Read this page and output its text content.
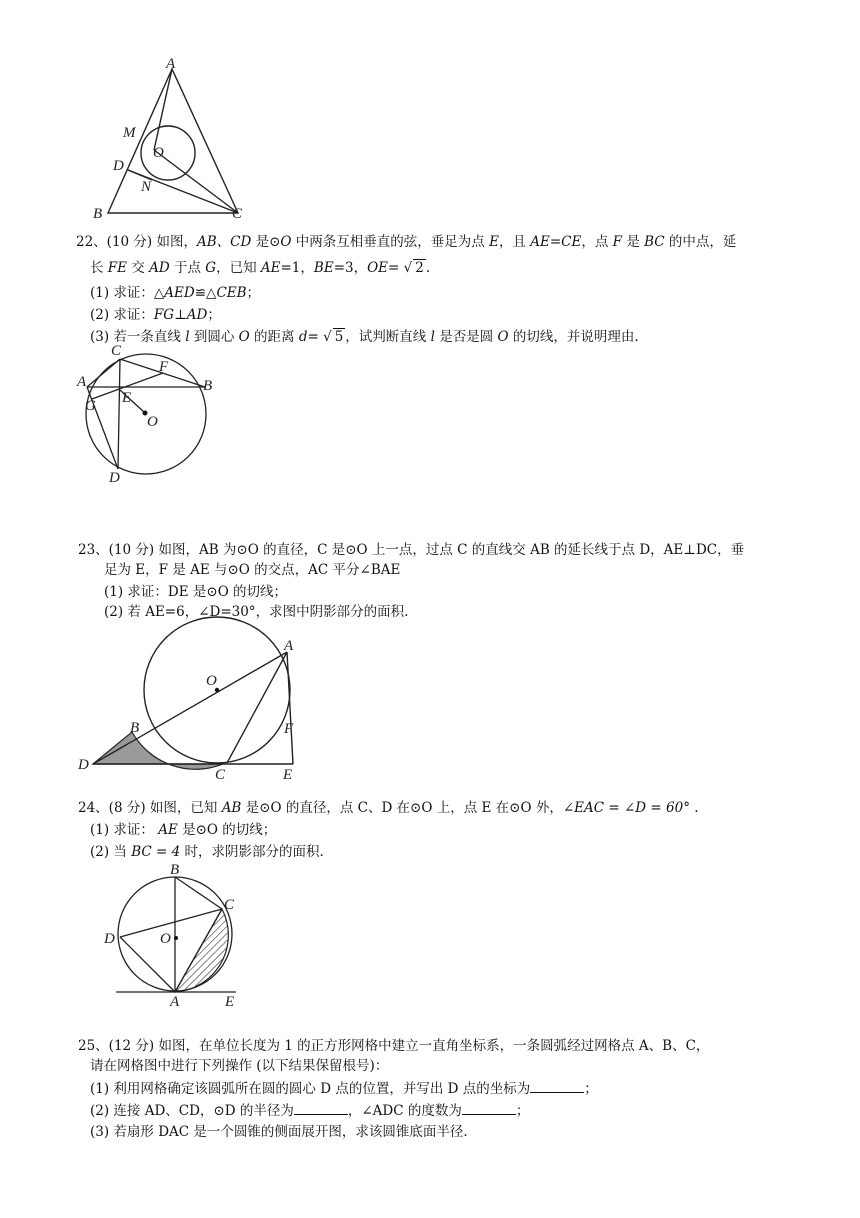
A
M
O
D
N
B	C
22、(10 分) 如图，AB、CD 是⊙O 中两条互相垂直的弦，垂足为点 E，且 AE=CE，点 F 是 BC 的中点，延
长 FE 交 AD 于点 G，已知 AE=1，BE=3，OE= √ 2 .
(1) 求证：△AED≌△CEB；
(2) 求证：FG⊥AD；
(3) 若一条直线 l 到圆心 O 的距离 d= √ 5 ，试判断直线 l 是否是圆 O 的切线，并说明理由.
C
F
A	B
G E
O
D
23、(10 分) 如图，AB 为⊙O 的直径，C 是⊙O 上一点，过点 C 的直线交 AB 的延长线于点 D，AE⊥DC，垂
足为 E，F 是 AE 与⊙O 的交点，AC 平分∠BAE
(1) 求证：DE 是⊙O 的切线；
(2) 若 AE=6，∠D=30°，求图中阴影部分的面积.
A
O
B	F
D
C	E
24、(8 分) 如图，已知 AB 是⊙O 的直径，点 C、D 在⊙O 上，点 E 在⊙O 外，∠EAC = ∠D = 60° .
(1) 求证： AE 是⊙O 的切线；
(2) 当 BC = 4 时，求阴影部分的面积.
B
C
D	O
A	E
25、(12 分) 如图，在单位长度为 1 的正方形网格中建立一直角坐标系，一条圆弧经过网格点 A、B、C，
请在网格图中进行下列操作 (以下结果保留根号)：
(1) 利用网格确定该圆弧所在圆的圆心 D 点的位置，并写出 D 点的坐标为	；
(2) 连接 AD、CD，⊙D 的半径为	，∠ADC 的度数为	；
(3) 若扇形 DAC 是一个圆锥的侧面展开图，求该圆锥底面半径.
